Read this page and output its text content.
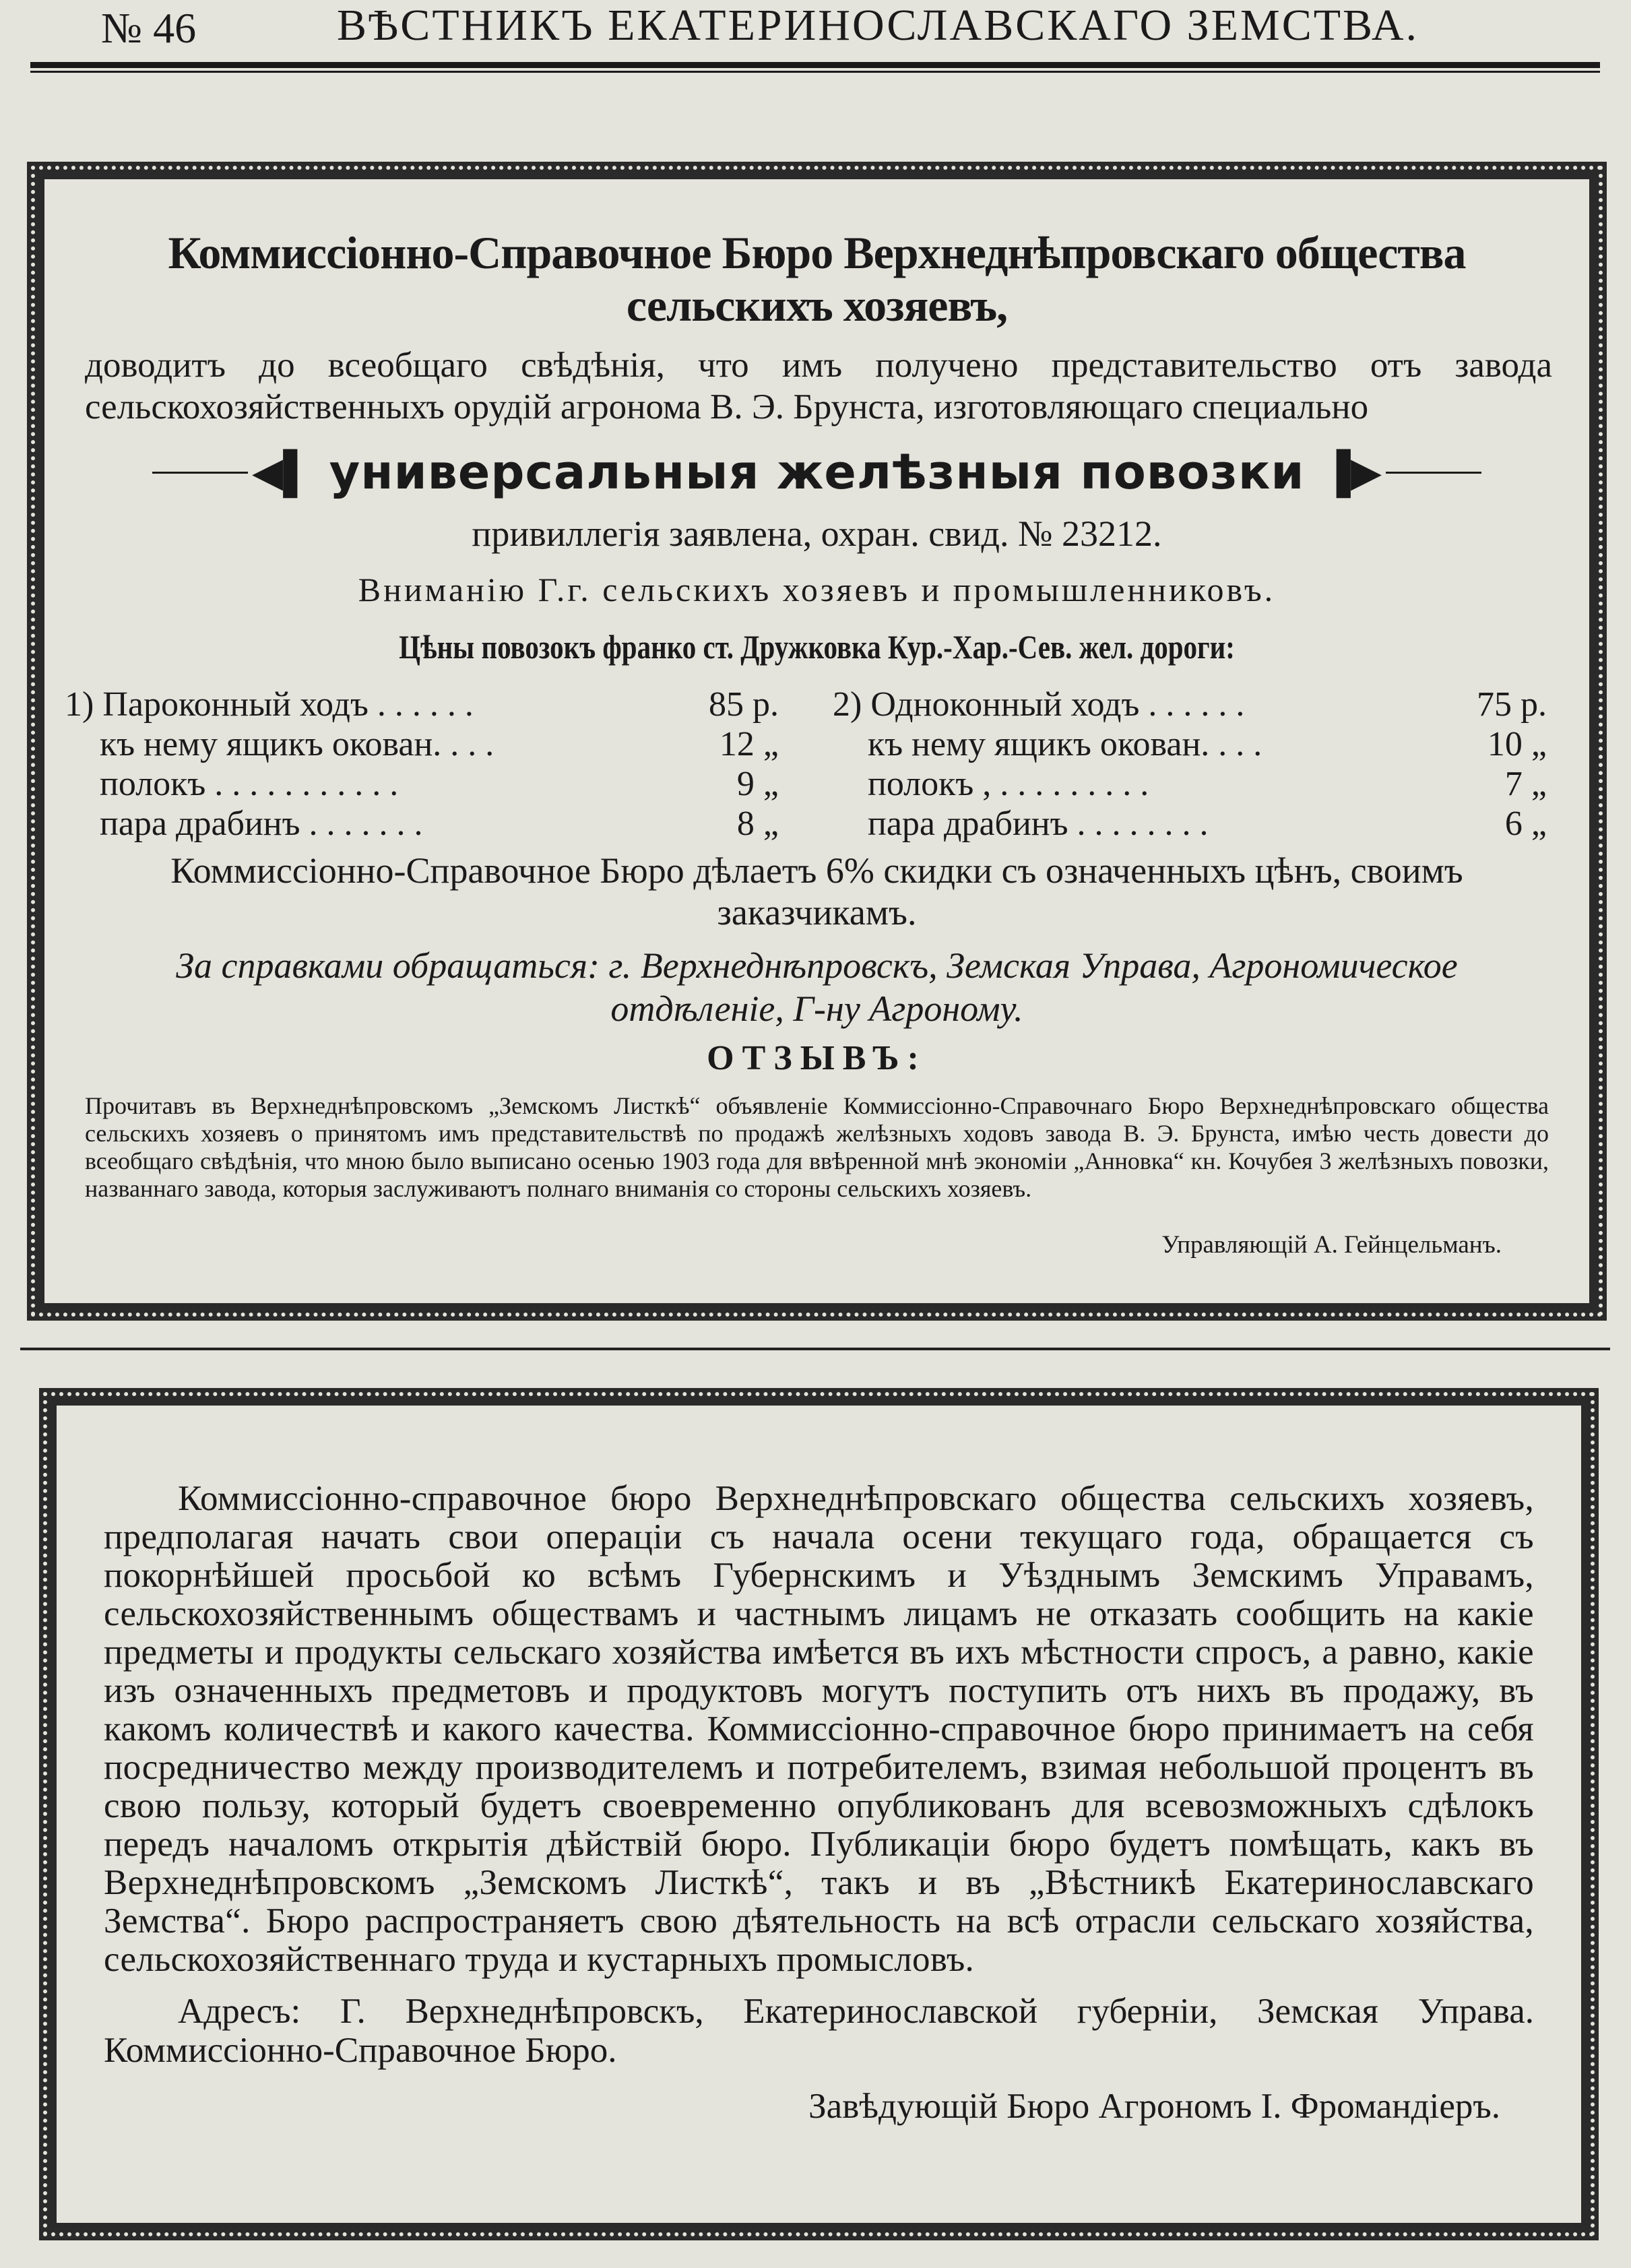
№ 46	ВѢСТНИКЪ ЕКАТЕРИНОСЛАВСКАГО ЗЕМСТВА.
Коммиссіонно-Справочное Бюро Верхнеднѣпровскаго общества сельскихъ хозяевъ,
доводитъ до всеобщаго свѣдѣнія, что имъ получено представительство отъ завода сельскохозяйственныхъ орудій агронома В. Э. Брунста, изготовляющаго специально
◀▌ универсальныя желѣзныя повозки ▐▶
привиллегія заявлена, охран. свид. № 23212.
Вниманію Г.г. сельскихъ хозяевъ и промышленниковъ.
Цѣны повозокъ франко ст. Дружковка Кур.-Хар.-Сев. жел. дороги:
1) Пароконный ходъ . . . . . .	85 р.
къ нему ящикъ окован. . . .	12 „
полокъ . . . . . . . . . . .	9 „
пара драбинъ . . . . . . .	8 „
2) Одноконный ходъ . . . . . .	75 р.
къ нему ящикъ окован. . . .	10 „
полокъ , . . . . . . . . .	7 „
пара драбинъ . . . . . . . .	6 „
Коммиссіонно-Справочное Бюро дѣлаетъ 6% скидки съ означенныхъ цѣнъ, своимъ заказчикамъ.
За справками обращаться: г. Верхнеднѣпровскъ, Земская Управа, Агрономическое отдѣленіе, Г-ну Агроному.
ОТЗЫВЪ:
Прочитавъ въ Верхнеднѣпровскомъ „Земскомъ Листкѣ“ объявленіе Коммиссіонно-Справочнаго Бюро Верхнеднѣпровскаго общества сельскихъ хозяевъ о принятомъ имъ представительствѣ по продажѣ желѣзныхъ ходовъ завода В. Э. Брунста, имѣю честь довести до всеобщаго свѣдѣнія, что мною было выписано осенью 1903 года для ввѣренной мнѣ экономіи „Анновка“ кн. Кочубея 3 желѣзныхъ повозки, названнаго завода, которыя заслуживаютъ полнаго вниманія со стороны сельскихъ хозяевъ.
Управляющій А. Гейнцельманъ.
Коммиссіонно-справочное бюро Верхнеднѣпровскаго общества сельскихъ хозяевъ, предполагая начать свои операціи съ начала осени текущаго года, обращается съ покорнѣйшей просьбой ко всѣмъ Губернскимъ и Уѣзднымъ Земскимъ Управамъ, сельскохозяйственнымъ обществамъ и частнымъ лицамъ не отказать сообщить на какіе предметы и продукты сельскаго хозяйства имѣется въ ихъ мѣстности спросъ, а равно, какіе изъ означенныхъ предметовъ и продуктовъ могутъ поступить отъ нихъ въ продажу, въ какомъ количествѣ и какого качества. Коммиссіонно-справочное бюро принимаетъ на себя посредничество между производителемъ и потребителемъ, взимая небольшой процентъ въ свою пользу, который будетъ своевременно опубликованъ для всевозможныхъ сдѣлокъ передъ началомъ открытія дѣйствій бюро. Публикаціи бюро будетъ помѣщать, какъ въ Верхнеднѣпровскомъ „Земскомъ Листкѣ“, такъ и въ „Вѣстникѣ Екатеринославскаго Земства“. Бюро распространяетъ свою дѣятельность на всѣ отрасли сельскаго хозяйства, сельскохозяйственнаго труда и кустарныхъ промысловъ.
Адресъ: Г. Верхнеднѣпровскъ, Екатеринославской губерніи, Земская Управа. Коммиссіонно-Справочное Бюро.
Завѣдующій Бюро Агрономъ І. Фромандіеръ.
